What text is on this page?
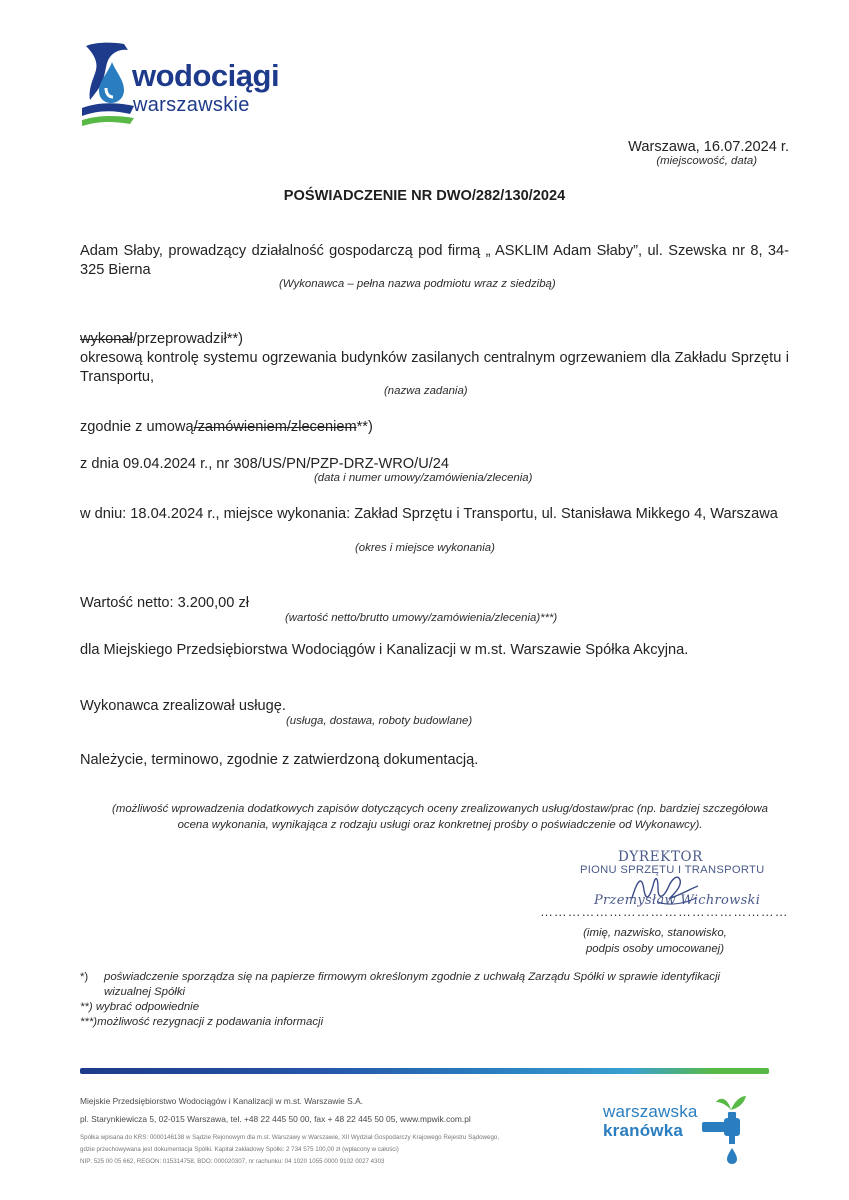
wodociągi
warszawskie
Warszawa, 16.07.2024 r.
(miejscowość, data)
POŚWIADCZENIE NR DWO/282/130/2024
Adam Słaby, prowadzący działalność gospodarczą pod firmą „ ASKLIM Adam Słaby”, ul. Szewska nr 8, 34-325 Bierna
(Wykonawca – pełna nazwa podmiotu wraz z siedzibą)
wykonał/przeprowadził**)
okresową kontrolę systemu ogrzewania budynków zasilanych centralnym ogrzewaniem dla Zakładu Sprzętu i Transportu,
(nazwa zadania)
zgodnie z umową/zamówieniem/zleceniem**)
z dnia 09.04.2024 r., nr 308/US/PN/PZP-DRZ-WRO/U/24
(data i numer umowy/zamówienia/zlecenia)
w dniu: 18.04.2024 r., miejsce wykonania: Zakład Sprzętu i Transportu, ul. Stanisława Mikkego 4, Warszawa
(okres i miejsce wykonania)
Wartość netto: 3.200,00 zł
(wartość netto/brutto umowy/zamówienia/zlecenia)***)
dla Miejskiego Przedsiębiorstwa Wodociągów i Kanalizacji w m.st. Warszawie Spółka Akcyjna.
Wykonawca zrealizował usługę.
(usługa, dostawa, roboty budowlane)
Należycie, terminowo, zgodnie z zatwierdzoną dokumentacją.
(możliwość wprowadzenia dodatkowych zapisów dotyczących oceny zrealizowanych usług/dostaw/prac (np. bardziej szczegółowa ocena wykonania, wynikająca z rodzaju usługi oraz konkretnej prośby o poświadczenie od Wykonawcy).
DYREKTOR
PIONU SPRZĘTU I TRANSPORTU
Przemysław Wichrowski
………………………………………………
(imię, nazwisko, stanowisko,
podpis osoby umocowanej)
*) poświadczenie sporządza się na papierze firmowym określonym zgodnie z uchwałą Zarządu Spółki w sprawie identyfikacji wizualnej Spółki
**) wybrać odpowiednie
***)możliwość rezygnacji z podawania informacji
Miejskie Przedsiębiorstwo Wodociągów i Kanalizacji w m.st. Warszawie S.A.
pl. Starynkiewicza 5, 02-015 Warszawa, tel. +48 22 445 50 00, fax + 48 22 445 50 05, www.mpwik.com.pl
Spółka wpisana do KRS: 0000146138 w Sądzie Rejonowym dla m.st. Warszawy w Warszawie, XII Wydział Gospodarczy Krajowego Rejestru Sądowego,
gdzie przechowywana jest dokumentacja Spółki. Kapitał zakładowy Spółki: 2 734 575 100,00 zł (wpłacony w całości)
NIP: 525 00 05 662, REGON: 015314758, BDO: 000020307, nr rachunku: 04 1020 1055 0000 9102 0027 4303
warszawska
kranówka
